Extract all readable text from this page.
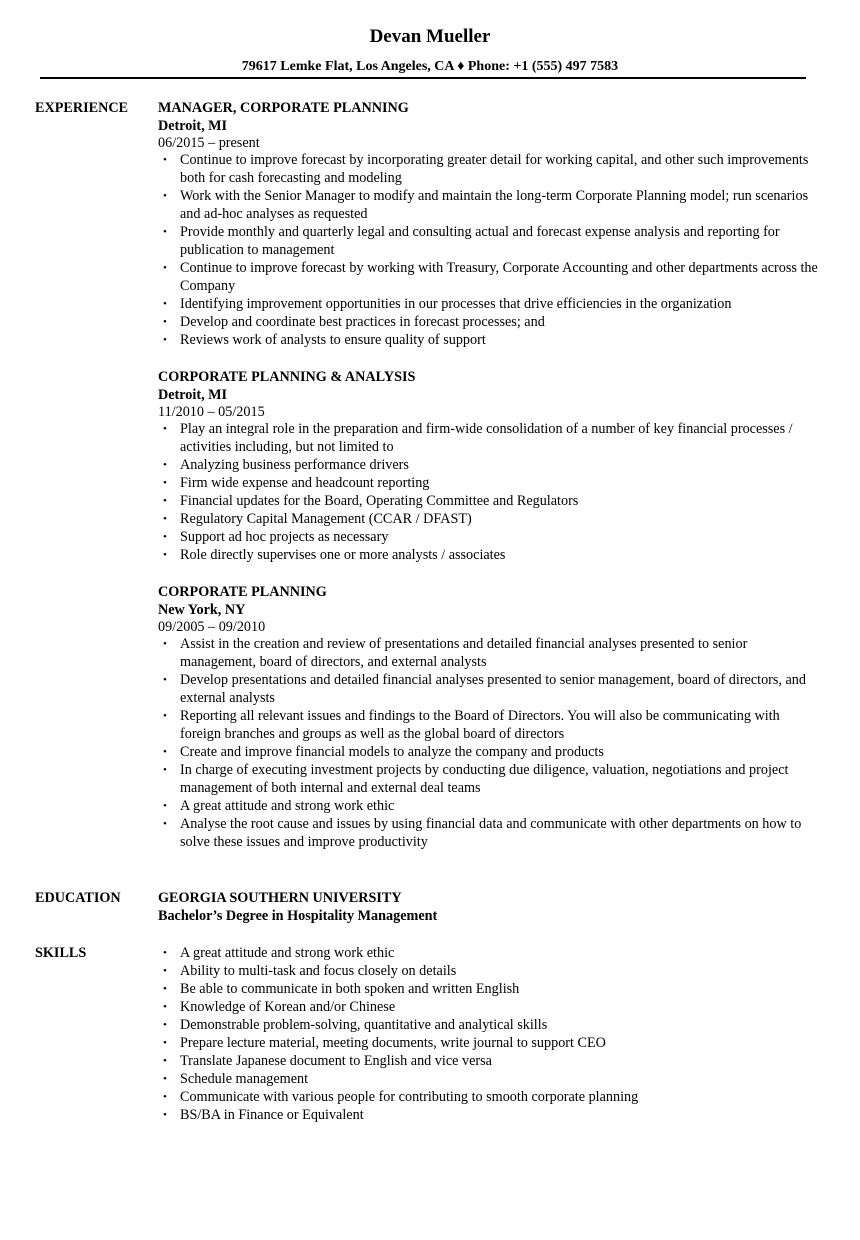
Devan Mueller
79617 Lemke Flat, Los Angeles, CA ♦ Phone: +1 (555) 497 7583
EXPERIENCE MANAGER, CORPORATE PLANNING
Detroit, MI
06/2015 – present
• Continue to improve forecast by incorporating greater detail for working capital, and other such improvements both for cash forecasting and modeling
• Work with the Senior Manager to modify and maintain the long-term Corporate Planning model; run scenarios and ad-hoc analyses as requested
• Provide monthly and quarterly legal and consulting actual and forecast expense analysis and reporting for publication to management
• Continue to improve forecast by working with Treasury, Corporate Accounting and other departments across the Company
• Identifying improvement opportunities in our processes that drive efficiencies in the organization
• Develop and coordinate best practices in forecast processes; and
• Reviews work of analysts to ensure quality of support
CORPORATE PLANNING & ANALYSIS
Detroit, MI
11/2010 – 05/2015
• Play an integral role in the preparation and firm-wide consolidation of a number of key financial processes / activities including, but not limited to
• Analyzing business performance drivers
• Firm wide expense and headcount reporting
• Financial updates for the Board, Operating Committee and Regulators
• Regulatory Capital Management (CCAR / DFAST)
• Support ad hoc projects as necessary
• Role directly supervises one or more analysts / associates
CORPORATE PLANNING
New York, NY
09/2005 – 09/2010
• Assist in the creation and review of presentations and detailed financial analyses presented to senior management, board of directors, and external analysts
• Develop presentations and detailed financial analyses presented to senior management, board of directors, and external analysts
• Reporting all relevant issues and findings to the Board of Directors. You will also be communicating with foreign branches and groups as well as the global board of directors
• Create and improve financial models to analyze the company and products
• In charge of executing investment projects by conducting due diligence, valuation, negotiations and project management of both internal and external deal teams
• A great attitude and strong work ethic
• Analyse the root cause and issues by using financial data and communicate with other departments on how to solve these issues and improve productivity
EDUCATION	GEORGIA SOUTHERN UNIVERSITY
Bachelor’s Degree in Hospitality Management
SKILLS	• A great attitude and strong work ethic
• Ability to multi-task and focus closely on details
• Be able to communicate in both spoken and written English
• Knowledge of Korean and/or Chinese
• Demonstrable problem-solving, quantitative and analytical skills
• Prepare lecture material, meeting documents, write journal to support CEO
• Translate Japanese document to English and vice versa
• Schedule management
• Communicate with various people for contributing to smooth corporate planning
• BS/BA in Finance or Equivalent
